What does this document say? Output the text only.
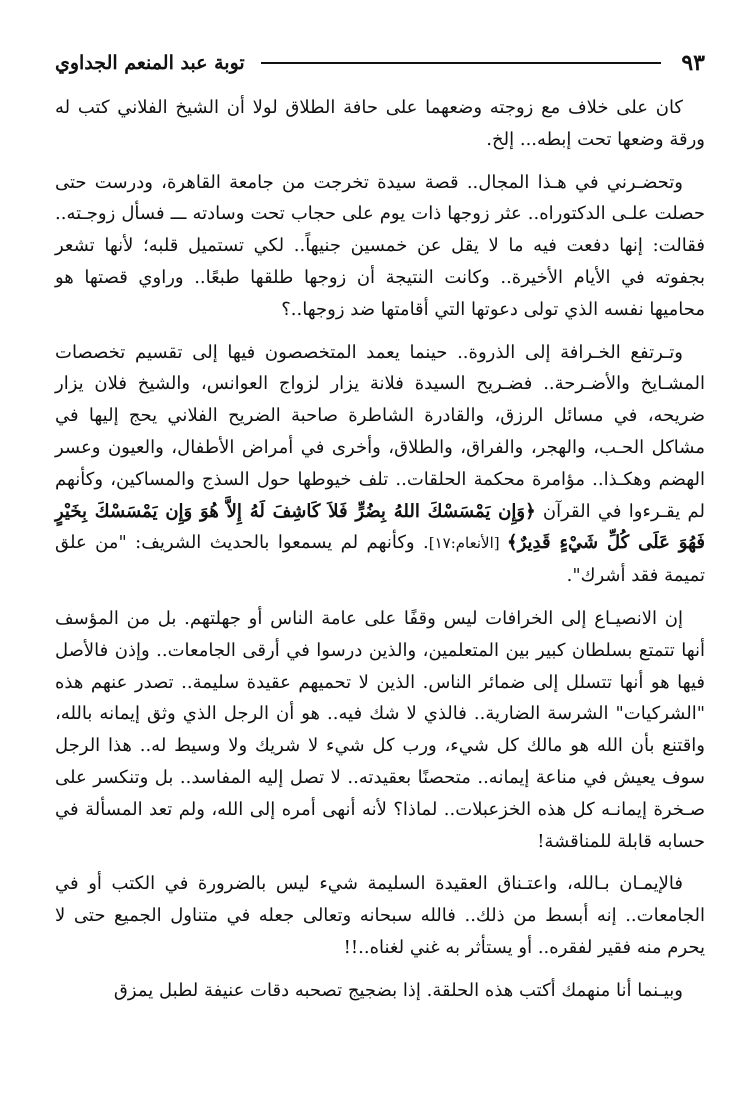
٩٣
توبة عبد المنعم الجداوي

كان على خلاف مع زوجته وضعهما على حافة الطلاق لولا أن الشيخ الفلاني كتب له ورقة وضعها تحت إبطه... إلخ.

وتحضـرني في هـذا المجال.. قصة سيدة تخرجت من جامعة القاهرة، ودرست حتى حصلت علـى الدكتوراه.. عثر زوجها ذات يوم على حجاب تحت وسادته ـــ فسأل زوجـته.. فقالت: إنها دفعت فيه ما لا يقل عن خمسين جنيهاً.. لكي تستميل قلبه؛ لأنها تشعر بجفوته في الأيام الأخيرة.. وكانت النتيجة أن زوجها طلقها طبعًا.. وراوي قصتها هو محاميها نفسه الذي تولى دعوتها التي أقامتها ضد زوجها..؟

وتـرتفع الخـرافة إلى الذروة.. حينما يعمد المتخصصون فيها إلى تقسيم تخصصات المشـايخ والأضـرحة.. فضـريح السيدة فلانة يزار لزواج العوانس، والشيخ فلان يزار ضريحه، في مسائل الرزق، والقادرة الشاطرة صاحبة الضريح الفلاني يحج إليها في مشاكل الحـب، والهجر، والفراق، والطلاق، وأخرى في أمراض الأطفال، والعيون وعسر الهضم وهكـذا.. مؤامرة محكمة الحلقات.. تلف خيوطها حول السذج والمساكين، وكأنهم لم يقـرءوا في القرآن ﴿وَإِن يَمْسَسْكَ اللهُ بِضُرٍّ فَلاَ كَاشِفَ لَهُ إِلاَّ هُوَ وَإِن يَمْسَسْكَ بِخَيْرٍ فَهُوَ عَلَى كُلِّ شَيْءٍ قَدِيرٌ﴾ [الأنعام:١٧]. وكأنهم لم يسمعوا بالحديث الشريف: "من علق تميمة فقد أشرك".

إن الانصيـاع إلى الخرافات ليس وقفًا على عامة الناس أو جهلتهم. بل من المؤسف أنها تتمتع بسلطان كبير بين المتعلمين، والذين درسوا في أرقى الجامعات.. وإذن فالأصل فيها هو أنها تتسلل إلى ضمائر الناس. الذين لا تحميهم عقيدة سليمة.. تصدر عنهم هذه "الشركيات" الشرسة الضارية.. فالذي لا شك فيه.. هو أن الرجل الذي وثق إيمانه بالله، واقتنع بأن الله هو مالك كل شيء، ورب كل شيء لا شريك ولا وسيط له.. هذا الرجل سوف يعيش في مناعة إيمانه.. متحصنًا بعقيدته.. لا تصل إليه المفاسد.. بل وتنكسر على صـخرة إيمانـه كل هذه الخزعبلات.. لماذا؟ لأنه أنهى أمره إلى الله، ولم تعد المسألة في حسابه قابلة للمناقشة!

فالإيمـان بـالله، واعتـناق العقيدة السليمة شيء ليس بالضرورة في الكتب أو في الجامعات.. إنه أبسط من ذلك.. فالله سبحانه وتعالى جعله في متناول الجميع حتى لا يحرم منه فقير لفقره.. أو يستأثر به غني لغناه..!!

وبيـنما أنا منهمك أكتب هذه الحلقة. إذا بضجيج تصحبه دقات عنيفة لطبل يمزق
